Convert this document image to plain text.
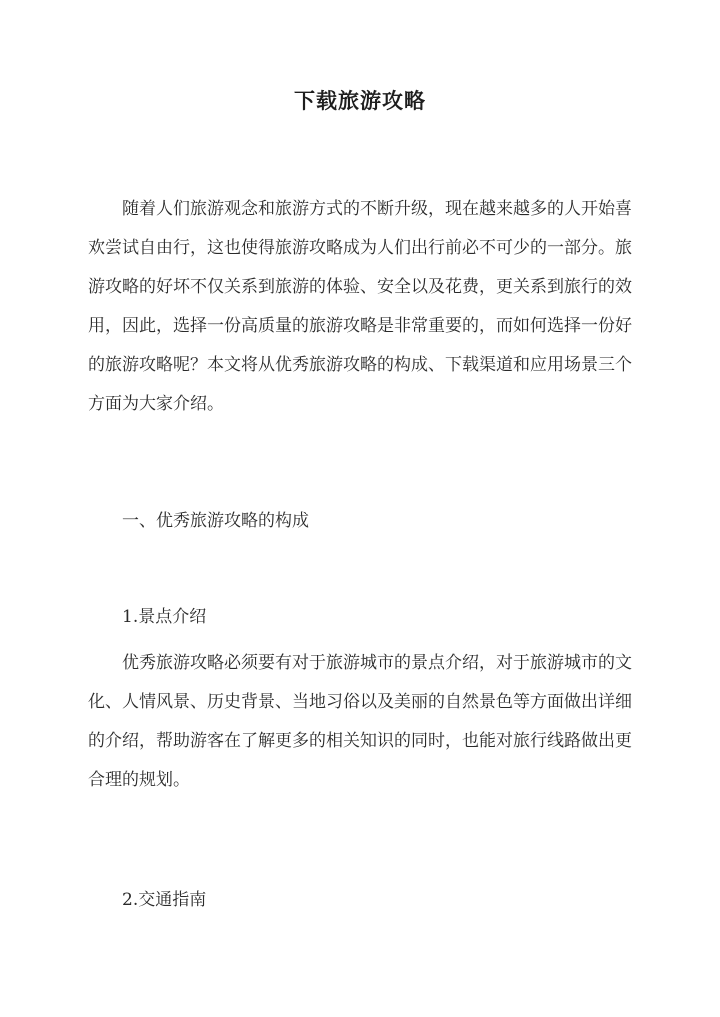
下载旅游攻略

随着人们旅游观念和旅游方式的不断升级，现在越来越多的人开始喜欢尝试自由行，这也使得旅游攻略成为人们出行前必不可少的一部分。旅游攻略的好坏不仅关系到旅游的体验、安全以及花费，更关系到旅行的效用，因此，选择一份高质量的旅游攻略是非常重要的，而如何选择一份好的旅游攻略呢？本文将从优秀旅游攻略的构成、下载渠道和应用场景三个方面为大家介绍。

一、优秀旅游攻略的构成

1.景点介绍

优秀旅游攻略必须要有对于旅游城市的景点介绍，对于旅游城市的文化、人情风景、历史背景、当地习俗以及美丽的自然景色等方面做出详细的介绍，帮助游客在了解更多的相关知识的同时，也能对旅行线路做出更合理的规划。

2.交通指南
